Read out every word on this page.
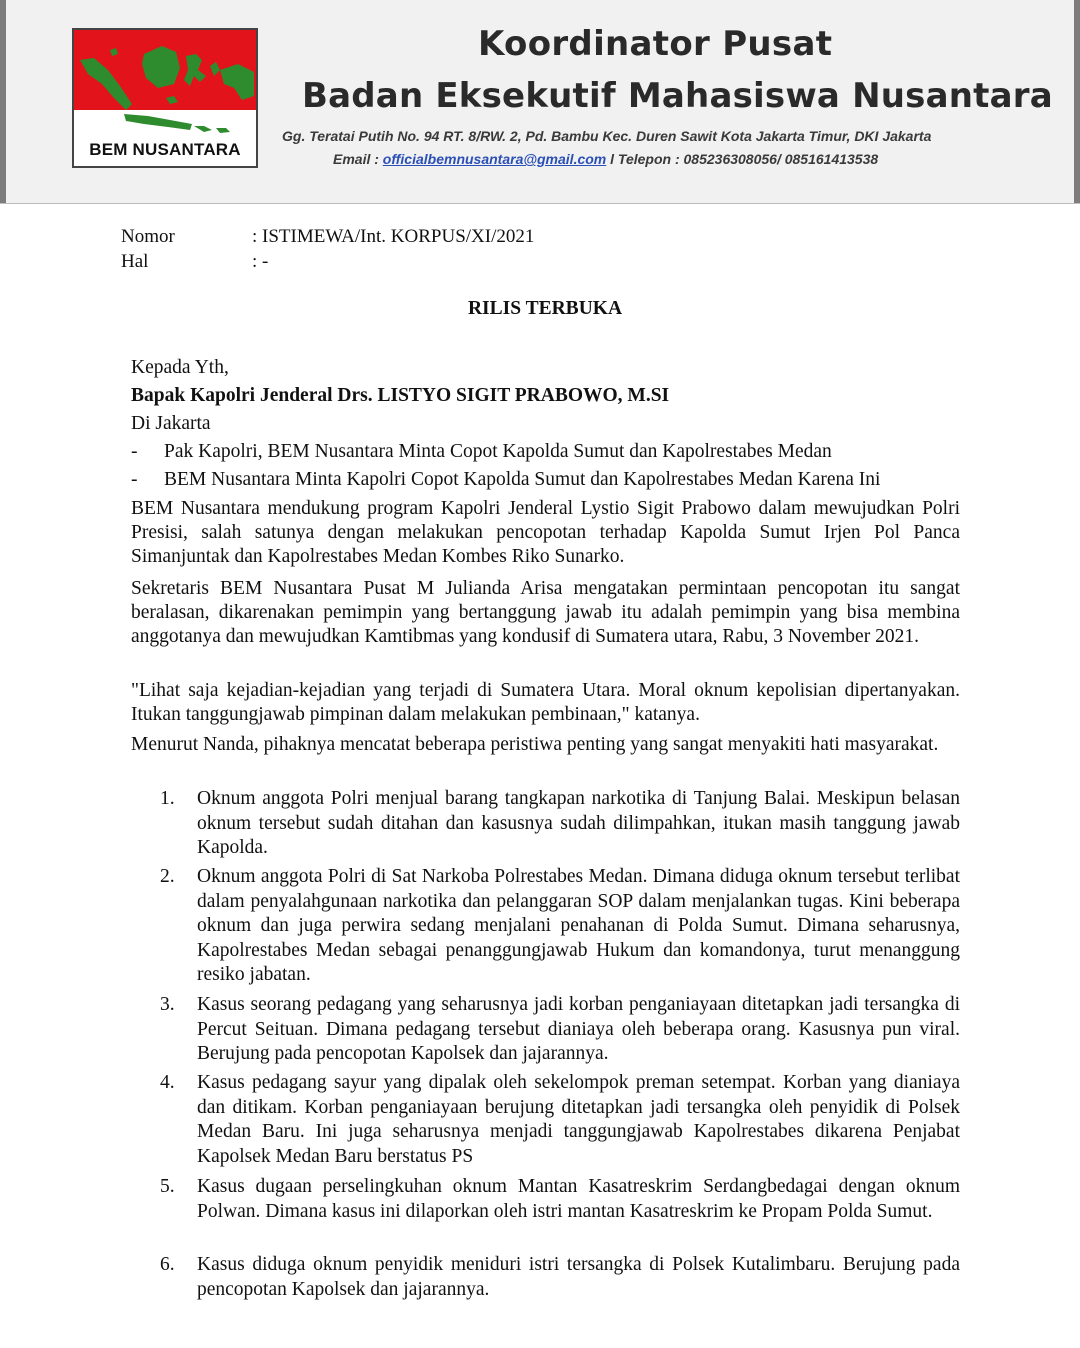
BEM NUSANTARA
Koordinator Pusat
Badan Eksekutif Mahasiswa Nusantara
Gg. Teratai Putih No. 94 RT. 8/RW. 2, Pd. Bambu Kec. Duren Sawit Kota Jakarta Timur, DKI Jakarta
Email : officialbemnusantara@gmail.com l Telepon : 085236308056/ 085161413538
Nomor	: ISTIMEWA/Int. KORPUS/XI/2021
Hal	: -
RILIS TERBUKA
Kepada Yth,
Bapak Kapolri Jenderal Drs. LISTYO SIGIT PRABOWO, M.SI
Di Jakarta
- Pak Kapolri, BEM Nusantara Minta Copot Kapolda Sumut dan Kapolrestabes Medan
- BEM Nusantara Minta Kapolri Copot Kapolda Sumut dan Kapolrestabes Medan Karena Ini

BEM Nusantara mendukung program Kapolri Jenderal Lystio Sigit Prabowo dalam mewujudkan Polri Presisi, salah satunya dengan melakukan pencopotan terhadap Kapolda Sumut Irjen Pol Panca Simanjuntak dan Kapolrestabes Medan Kombes Riko Sunarko.

Sekretaris BEM Nusantara Pusat M Julianda Arisa mengatakan permintaan pencopotan itu sangat beralasan, dikarenakan pemimpin yang bertanggung jawab itu adalah pemimpin yang bisa membina anggotanya dan mewujudkan Kamtibmas yang kondusif di Sumatera utara, Rabu, 3 November 2021.

"Lihat saja kejadian-kejadian yang terjadi di Sumatera Utara. Moral oknum kepolisian dipertanyakan. Itukan tanggungjawab pimpinan dalam melakukan pembinaan," katanya.

Menurut Nanda, pihaknya mencatat beberapa peristiwa penting yang sangat menyakiti hati masyarakat.

1.	Oknum anggota Polri menjual barang tangkapan narkotika di Tanjung Balai. Meskipun belasan oknum tersebut sudah ditahan dan kasusnya sudah dilimpahkan, itukan masih tanggung jawab Kapolda.
2.	Oknum anggota Polri di Sat Narkoba Polrestabes Medan. Dimana diduga oknum tersebut terlibat dalam penyalahgunaan narkotika dan pelanggaran SOP dalam menjalankan tugas. Kini beberapa oknum dan juga perwira sedang menjalani penahanan di Polda Sumut. Dimana seharusnya, Kapolrestabes Medan sebagai penanggungjawab Hukum dan komandonya, turut menanggung resiko jabatan.
3.	Kasus seorang pedagang yang seharusnya jadi korban penganiayaan ditetapkan jadi tersangka di Percut Seituan. Dimana pedagang tersebut dianiaya oleh beberapa orang. Kasusnya pun viral. Berujung pada pencopotan Kapolsek dan jajarannya.
4.	Kasus pedagang sayur yang dipalak oleh sekelompok preman setempat. Korban yang dianiaya dan ditikam. Korban penganiayaan berujung ditetapkan jadi tersangka oleh penyidik di Polsek Medan Baru. Ini juga seharusnya menjadi tanggungjawab Kapolrestabes dikarena Penjabat Kapolsek Medan Baru berstatus PS
5.	Kasus dugaan perselingkuhan oknum Mantan Kasatreskrim Serdangbedagai dengan oknum Polwan. Dimana kasus ini dilaporkan oleh istri mantan Kasatreskrim ke Propam Polda Sumut.
6.	Kasus diduga oknum penyidik meniduri istri tersangka di Polsek Kutalimbaru. Berujung pada pencopotan Kapolsek dan jajarannya.
